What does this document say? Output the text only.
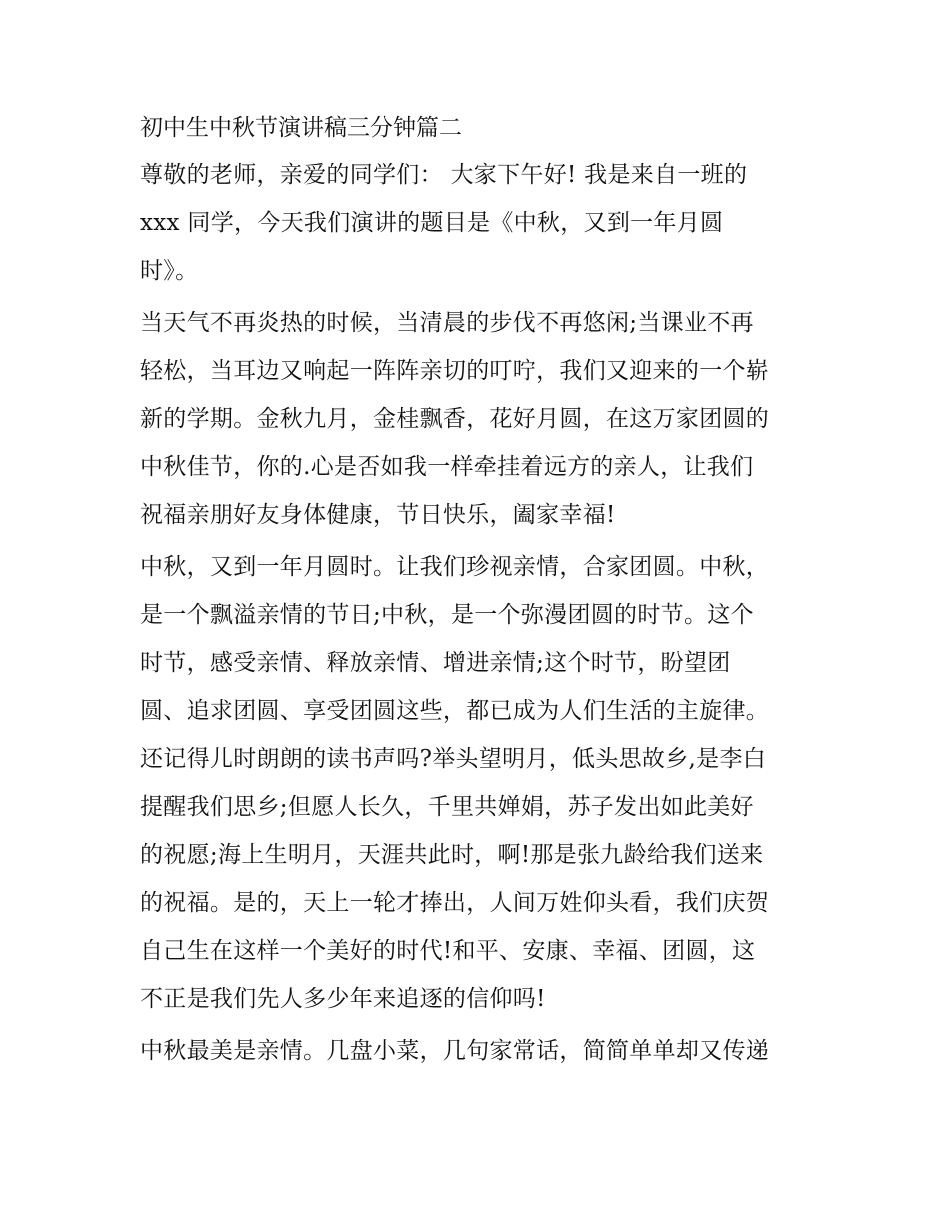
初中生中秋节演讲稿三分钟篇二
尊敬的老师，亲爱的同学们： 大家下午好! 我是来自一班的
xxx 同学，今天我们演讲的题目是《中秋，又到一年月圆
时》。
当天气不再炎热的时候，当清晨的步伐不再悠闲;当课业不再
轻松，当耳边又响起一阵阵亲切的叮咛，我们又迎来的一个崭
新的学期。金秋九月，金桂飘香，花好月圆，在这万家团圆的
中秋佳节，你的.心是否如我一样牵挂着远方的亲人，让我们
祝福亲朋好友身体健康，节日快乐，阖家幸福!
中秋，又到一年月圆时。让我们珍视亲情，合家团圆。中秋，
是一个飘溢亲情的节日;中秋，是一个弥漫团圆的时节。这个
时节，感受亲情、释放亲情、增进亲情;这个时节，盼望团
圆、追求团圆、享受团圆这些，都已成为人们生活的主旋律。
还记得儿时朗朗的读书声吗?举头望明月，低头思故乡,是李白
提醒我们思乡;但愿人长久，千里共婵娟，苏子发出如此美好
的祝愿;海上生明月，天涯共此时，啊!那是张九龄给我们送来
的祝福。是的，天上一轮才捧出，人间万姓仰头看，我们庆贺
自己生在这样一个美好的时代!和平、安康、幸福、团圆，这
不正是我们先人多少年来追逐的信仰吗!
中秋最美是亲情。几盘小菜，几句家常话，简简单单却又传递
